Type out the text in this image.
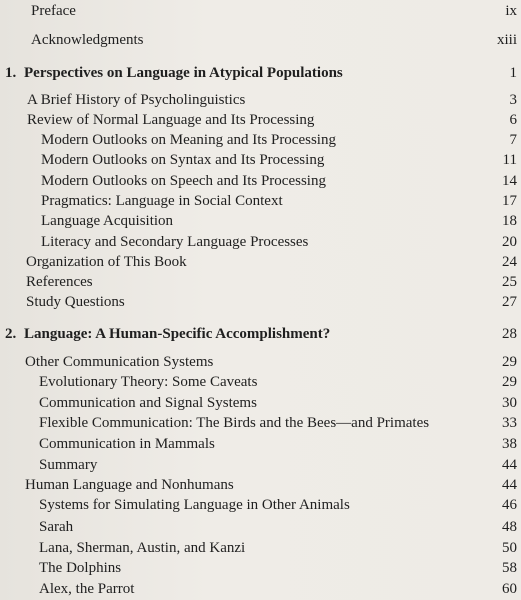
Preface	ix
Acknowledgments	xiii
1. Perspectives on Language in Atypical Populations	1
A Brief History of Psycholinguistics	3
Review of Normal Language and Its Processing	6
Modern Outlooks on Meaning and Its Processing	7
Modern Outlooks on Syntax and Its Processing	11
Modern Outlooks on Speech and Its Processing	14
Pragmatics: Language in Social Context	17
Language Acquisition	18
Literacy and Secondary Language Processes	20
Organization of This Book	24
References	25
Study Questions	27
2. Language: A Human-Specific Accomplishment?	28
Other Communication Systems	29
Evolutionary Theory: Some Caveats	29
Communication and Signal Systems	30
Flexible Communication: The Birds and the Bees—and Primates	33
Communication in Mammals	38
Summary	44
Human Language and Nonhumans	44
Systems for Simulating Language in Other Animals	46
Sarah	48
Lana, Sherman, Austin, and Kanzi	50
The Dolphins	58
Alex, the Parrot	60
